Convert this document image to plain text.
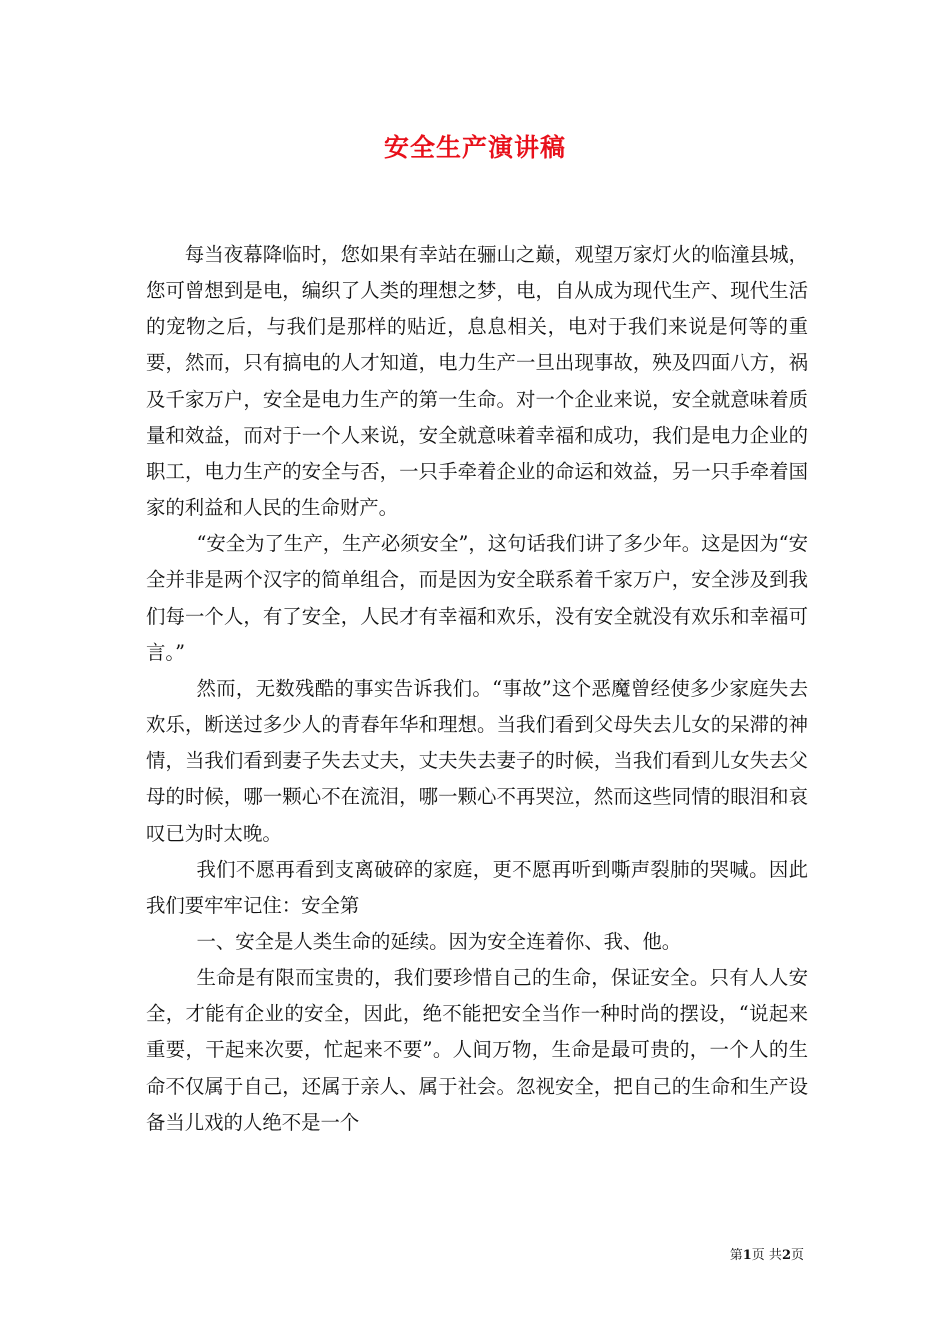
安全生产演讲稿

每当夜幕降临时，您如果有幸站在骊山之巅，观望万家灯火的临潼县城，您可曾想到是电，编织了人类的理想之梦，电，自从成为现代生产、现代生活的宠物之后，与我们是那样的贴近，息息相关，电对于我们来说是何等的重要，然而，只有搞电的人才知道，电力生产一旦出现事故，殃及四面八方，祸及千家万户，安全是电力生产的第一生命。对一个企业来说，安全就意味着质量和效益，而对于一个人来说，安全就意味着幸福和成功，我们是电力企业的职工，电力生产的安全与否，一只手牵着企业的命运和效益，另一只手牵着国家的利益和人民的生命财产。

“安全为了生产，生产必须安全”，这句话我们讲了多少年。这是因为“安全并非是两个汉字的简单组合，而是因为安全联系着千家万户，安全涉及到我们每一个人，有了安全，人民才有幸福和欢乐，没有安全就没有欢乐和幸福可言。”

然而，无数残酷的事实告诉我们。“事故”这个恶魔曾经使多少家庭失去欢乐，断送过多少人的青春年华和理想。当我们看到父母失去儿女的呆滞的神情，当我们看到妻子失去丈夫，丈夫失去妻子的时候，当我们看到儿女失去父母的时候，哪一颗心不在流泪，哪一颗心不再哭泣，然而这些同情的眼泪和哀叹已为时太晚。

我们不愿再看到支离破碎的家庭，更不愿再听到嘶声裂肺的哭喊。因此我们要牢牢记住：安全第

一、安全是人类生命的延续。因为安全连着你、我、他。

生命是有限而宝贵的，我们要珍惜自己的生命，保证安全。只有人人安全，才能有企业的安全，因此，绝不能把安全当作一种时尚的摆设，“说起来重要，干起来次要，忙起来不要”。人间万物，生命是最可贵的，一个人的生命不仅属于自己，还属于亲人、属于社会。忽视安全，把自己的生命和生产设备当儿戏的人绝不是一个

第1页 共2页
